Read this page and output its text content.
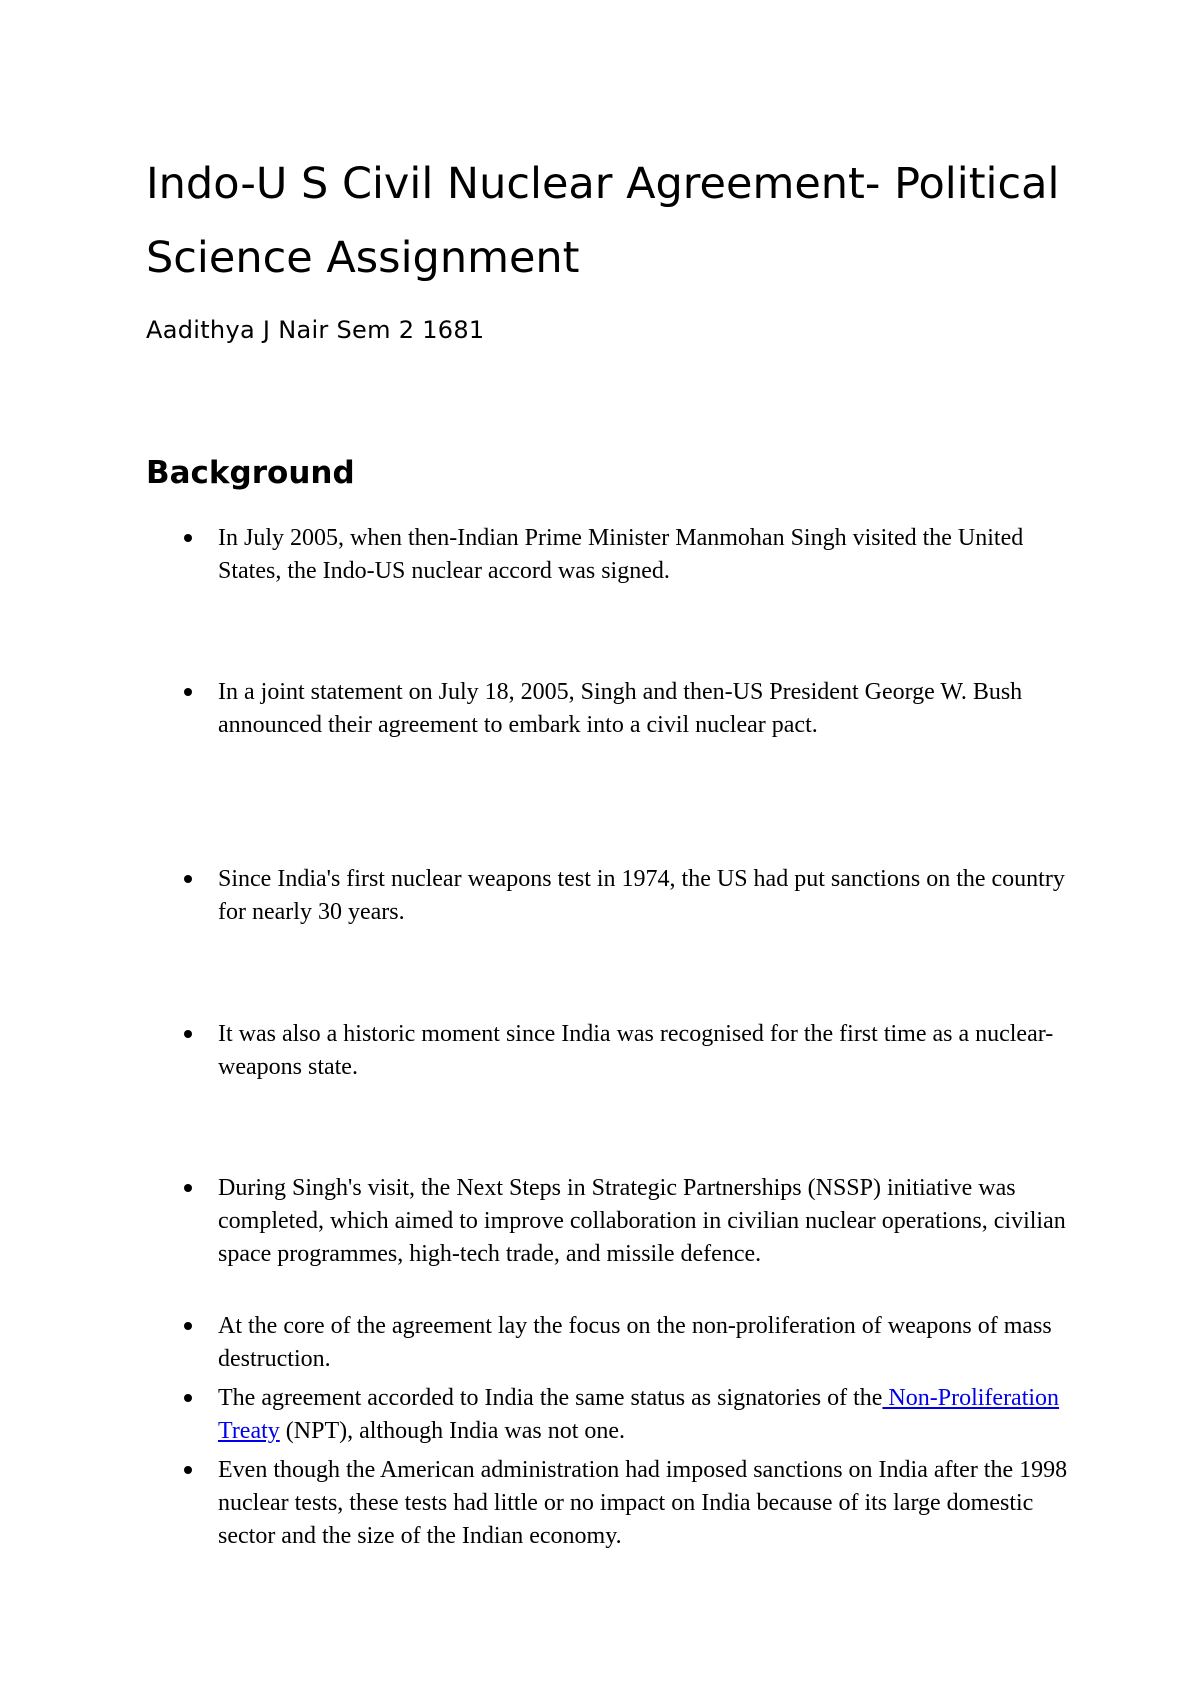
Indo-U S Civil Nuclear Agreement- Political Science Assignment

Aadithya J Nair Sem 2 1681

Background

In July 2005, when then-Indian Prime Minister Manmohan Singh visited the United States, the Indo-US nuclear accord was signed.

In a joint statement on July 18, 2005, Singh and then-US President George W. Bush announced their agreement to embark into a civil nuclear pact.

Since India's first nuclear weapons test in 1974, the US had put sanctions on the country for nearly 30 years.

It was also a historic moment since India was recognised for the first time as a nuclear-weapons state.

During Singh's visit, the Next Steps in Strategic Partnerships (NSSP) initiative was completed, which aimed to improve collaboration in civilian nuclear operations, civilian space programmes, high-tech trade, and missile defence.

At the core of the agreement lay the focus on the non-proliferation of weapons of mass destruction.

The agreement accorded to India the same status as signatories of the Non-Proliferation Treaty (NPT), although India was not one.

Even though the American administration had imposed sanctions on India after the 1998 nuclear tests, these tests had little or no impact on India because of its large domestic sector and the size of the Indian economy.
